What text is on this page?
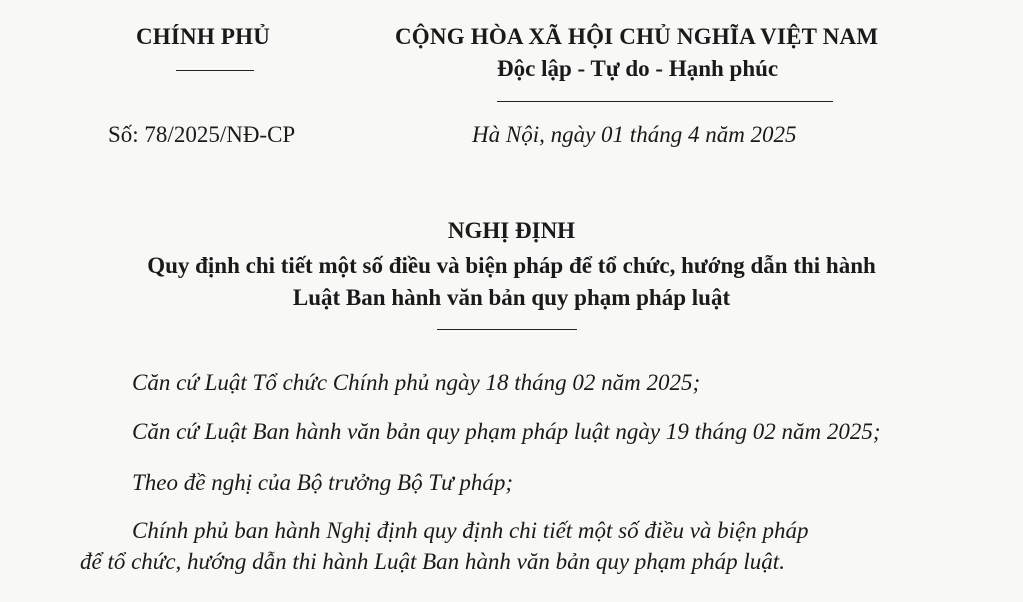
CHÍNH PHỦ	CỘNG HÒA XÃ HỘI CHỦ NGHĨA VIỆT NAM
Độc lập - Tự do - Hạnh phúc
Số: 78/2025/NĐ-CP	Hà Nội, ngày 01 tháng 4 năm 2025
NGHỊ ĐỊNH
Quy định chi tiết một số điều và biện pháp để tổ chức, hướng dẫn thi hành
Luật Ban hành văn bản quy phạm pháp luật
Căn cứ Luật Tổ chức Chính phủ ngày 18 tháng 02 năm 2025;
Căn cứ Luật Ban hành văn bản quy phạm pháp luật ngày 19 tháng 02 năm 2025;
Theo đề nghị của Bộ trưởng Bộ Tư pháp;
Chính phủ ban hành Nghị định quy định chi tiết một số điều và biện pháp
để tổ chức, hướng dẫn thi hành Luật Ban hành văn bản quy phạm pháp luật.
